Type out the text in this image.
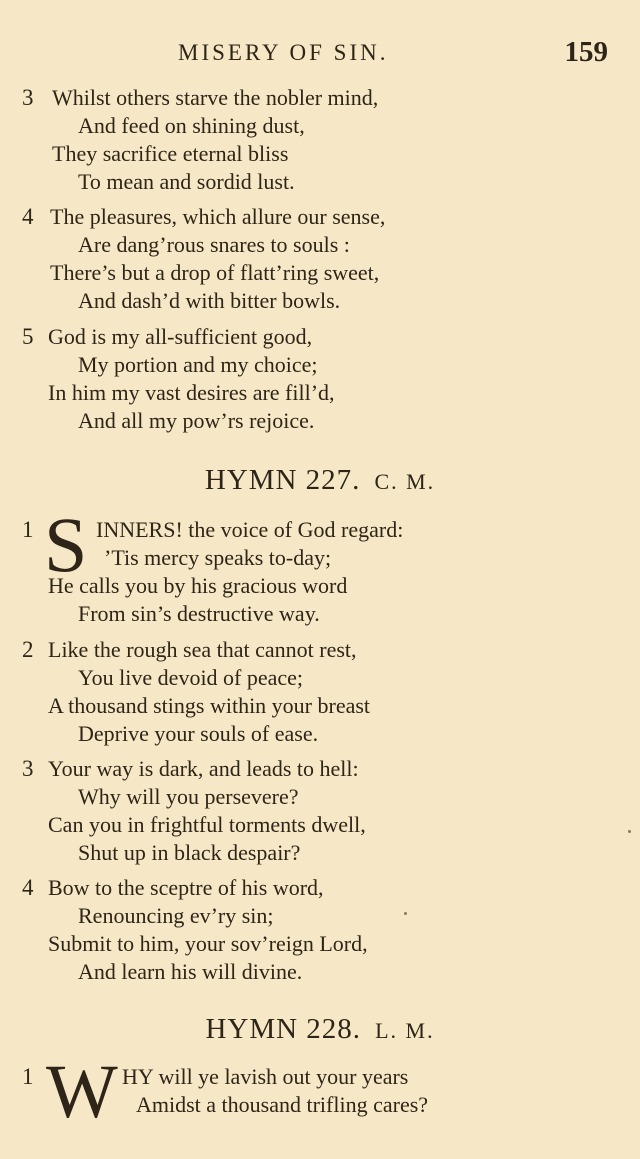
MISERY OF SIN.	159
3 Whilst others starve the nobler mind,
And feed on shining dust,
They sacrifice eternal bliss
To mean and sordid lust.
4 The pleasures, which allure our sense,
Are dang’rous snares to souls :
There’s but a drop of flatt’ring sweet,
And dash’d with bitter bowls.
5 God is my all-sufficient good,
My portion and my choice;
In him my vast desires are fill’d,
And all my pow’rs rejoice.
HYMN 227. C. M.
S
1	INNERS! the voice of God regard:
’Tis mercy speaks to-day;
He calls you by his gracious word
From sin’s destructive way.
2 Like the rough sea that cannot rest,
You live devoid of peace;
A thousand stings within your breast
Deprive your souls of ease.
3 Your way is dark, and leads to hell:
Why will you persevere?
Can you in frightful torments dwell,
Shut up in black despair?
4 Bow to the sceptre of his word,
Renouncing ev’ry sin;
Submit to him, your sov’reign Lord,
And learn his will divine.
HYMN 228. L. M.
W
1	HY will ye lavish out your years
Amidst a thousand trifling cares?
